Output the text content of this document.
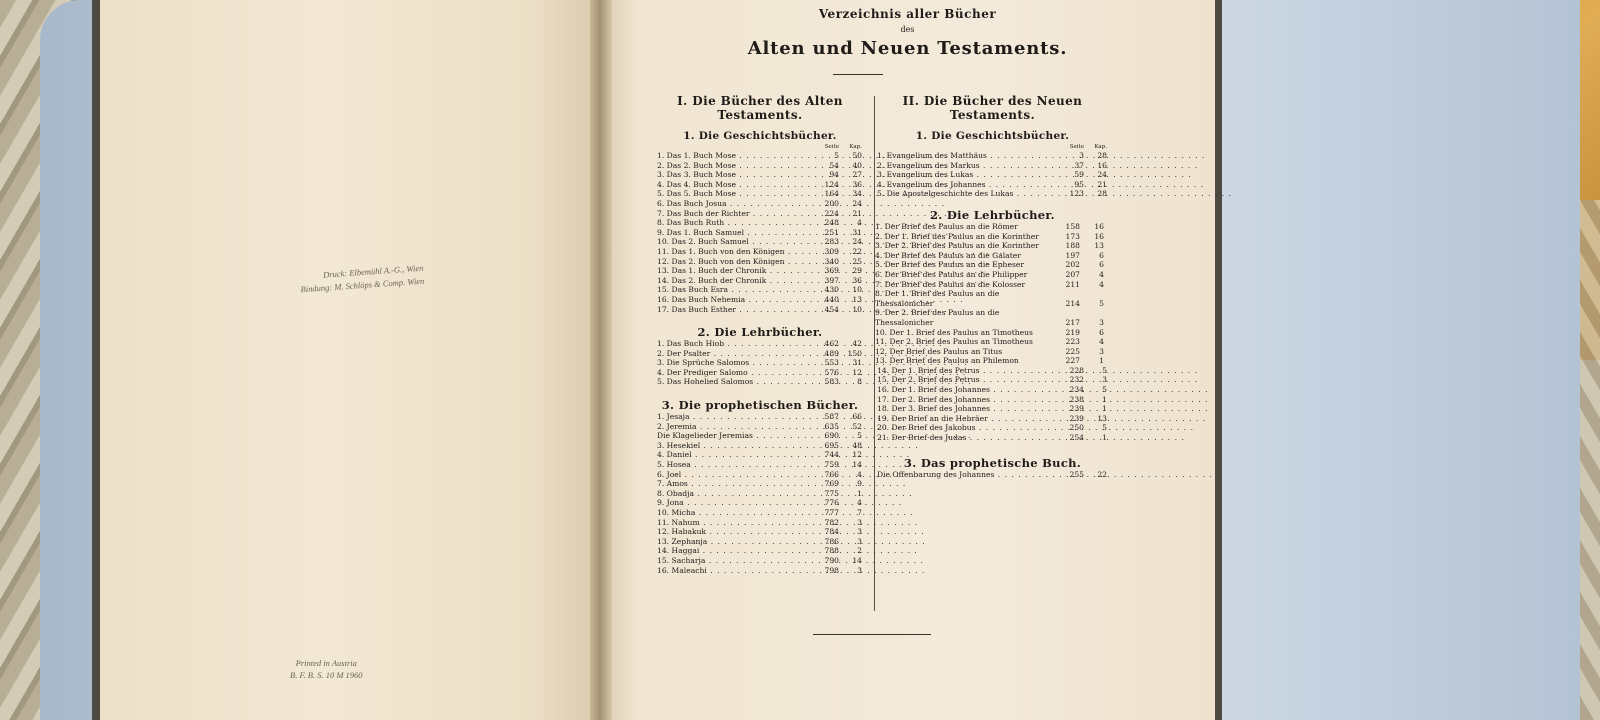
Druck: Elbemühl A.-G., Wien
Bindung: M. Schlöps & Comp. Wien
Printed in Austria
B. F. B. S. 10 M 1960
Verzeichnis aller Bücher
des
Alten und Neuen Testaments.
I. Die Bücher des Alten
Testaments.
1. Die Geschichtsbücher.
Seite Kap.
1. Das 1. Buch Mose . . .	5	50
2. Das 2. Buch Mose . . .	54	40
3. Das 3. Buch Mose . . .	94	27
4. Das 4. Buch Mose . . .	124	36
5. Das 5. Buch Mose . . .	164	34
6. Das Buch Josua . . .	200	24
7. Das Buch der Richter . . .	224	21
8. Das Buch Ruth . . .	248	4
9. Das 1. Buch Samuel . . .	251	31
10. Das 2. Buch Samuel . . .	283	24
11. Das 1. Buch von den Königen . . .	309	22
12. Das 2. Buch von den Königen . . .	340	25
13. Das 1. Buch der Chronik . . .	369	29
14. Das 2. Buch der Chronik . . .	397	36
15. Das Buch Esra . . .	430	10
16. Das Buch Nehemia . . .	440	13
17. Das Buch Esther . . .	454	10
2. Die Lehrbücher.
1. Das Buch Hiob . . .	462	42
2. Der Psalter . . .	489	150
3. Die Sprüche Salomos . . .	553	31
4. Der Prediger Salomo . . .	576	12
5. Das Hohelied Salomos . . .	583	8
3. Die prophetischen Bücher.
1. Jesaja . . .	587	66
2. Jeremia . . .	635	52
Die Klagelieder Jeremias . . .	690	5
3. Hesekiel . . .	695	48
4. Daniel . . .	744	12
5. Hosea . . .	759	14
6. Joel . . .	766	4
7. Amos . . .	769	9
8. Obadja . . .	775	1
9. Jona . . .	776	4
10. Micha . . .	777	7
11. Nahum . . .	782	3
12. Habakuk . . .	784	3
13. Zephanja . . .	786	3
14. Haggai . . .	788	2
15. Sacharja . . .	790	14
16. Maleachi . . .	798	3
II. Die Bücher des Neuen
Testaments.
1. Die Geschichtsbücher.
Seite Kap.
1. Evangelium des Matthäus . . .	3	28
2. Evangelium des Markus . . .	37	16
3. Evangelium des Lukas . . .	59	24
4. Evangelium des Johannes . . .	95	21
5. Die Apostelgeschichte des Lukas . . .	123	28
2. Die Lehrbücher.
1. Der Brief des Paulus an die Römer	158	16
2. Der 1. Brief des Paulus an die Korinther	173	16
3. Der 2. Brief des Paulus an die Korinther	188	13
4. Der Brief des Paulus an die Galater	197	6
5. Der Brief des Paulus an die Epheser	202	6
6. Der Brief des Paulus an die Philipper	207	4
7. Der Brief des Paulus an die Kolosser	211	4
8. Der 1. Brief des Paulus an die Thessalonicher	214	5
9. Der 2. Brief des Paulus an die Thessalonicher	217	3
10. Der 1. Brief des Paulus an Timotheus	219	6
11. Der 2. Brief des Paulus an Timotheus	223	4
12. Der Brief des Paulus an Titus	225	3
13. Der Brief des Paulus an Philemon	227	1
14. Der 1. Brief des Petrus . . .	228	5
15. Der 2. Brief des Petrus . . .	232	3
16. Der 1. Brief des Johannes . . .	234	5
17. Der 2. Brief des Johannes . . .	238	1
18. Der 3. Brief des Johannes . . .	239	1
19. Der Brief an die Hebräer . . .	239	13
20. Der Brief des Jakobus . . .	250	5
21. Der Brief des Judas . . .	254	1
3. Das prophetische Buch.
Die Offenbarung des Johannes . . .	255	22
